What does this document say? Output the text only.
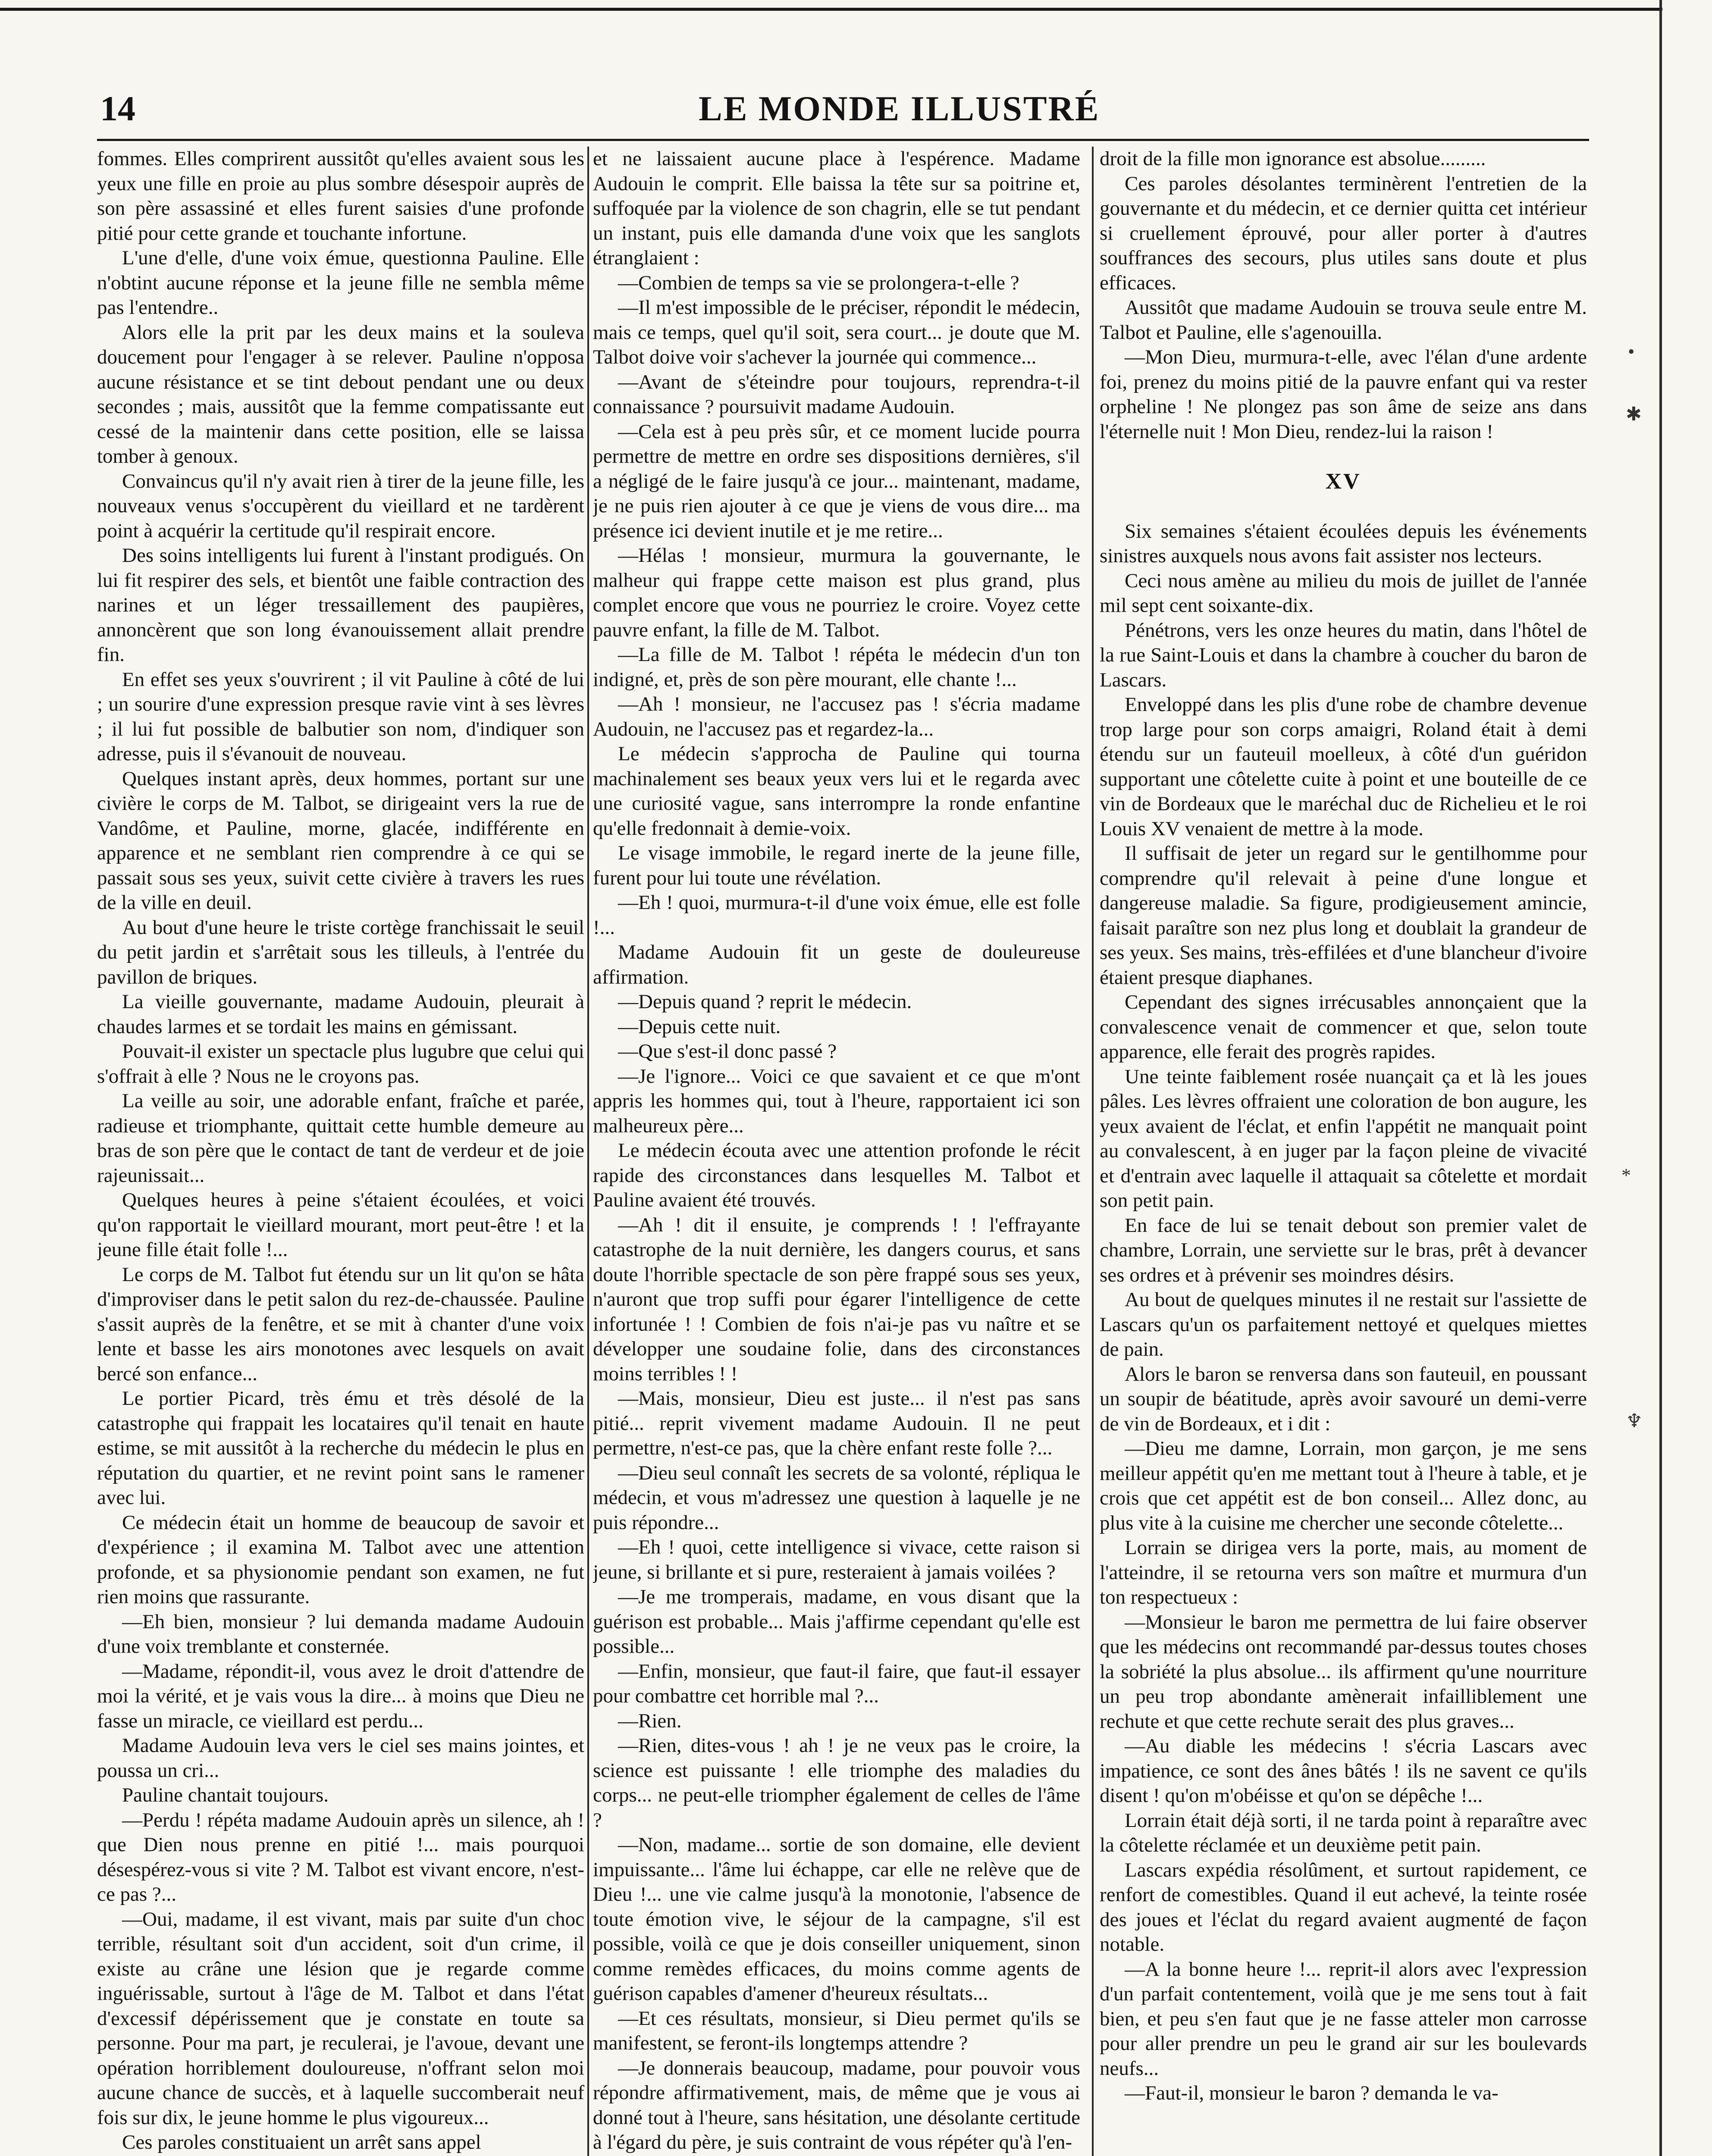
14	LE MONDE ILLUSTRÉ

fommes. Elles comprirent aussitôt qu'elles avaient sous les yeux une fille en proie au plus sombre désespoir auprès de son père assassiné et elles furent saisies d'une profonde pitié pour cette grande et touchante infortune.

L'une d'elle, d'une voix émue, questionna Pauline. Elle n'obtint aucune réponse et la jeune fille ne sembla même pas l'entendre..

Alors elle la prit par les deux mains et la souleva doucement pour l'engager à se relever. Pauline n'opposa aucune résistance et se tint debout pendant une ou deux secondes ; mais, aussitôt que la femme compatissante eut cessé de la maintenir dans cette position, elle se laissa tomber à genoux.

Convaincus qu'il n'y avait rien à tirer de la jeune fille, les nouveaux venus s'occupèrent du vieillard et ne tardèrent point à acquérir la certitude qu'il respirait encore.

Des soins intelligents lui furent à l'instant prodigués. On lui fit respirer des sels, et bientôt une faible contraction des narines et un léger tressaillement des paupières, annoncèrent que son long évanouissement allait prendre fin.

En effet ses yeux s'ouvrirent ; il vit Pauline à côté de lui ; un sourire d'une expression presque ravie vint à ses lèvres ; il lui fut possible de balbutier son nom, d'indiquer son adresse, puis il s'évanouit de nouveau.

Quelques instant après, deux hommes, portant sur une civière le corps de M. Talbot, se dirigeaint vers la rue de Vandôme, et Pauline, morne, glacée, indifférente en apparence et ne semblant rien comprendre à ce qui se passait sous ses yeux, suivit cette civière à travers les rues de la ville en deuil.

Au bout d'une heure le triste cortège franchissait le seuil du petit jardin et s'arrêtait sous les tilleuls, à l'entrée du pavillon de briques.

La vieille gouvernante, madame Audouin, pleurait à chaudes larmes et se tordait les mains en gémissant.

Pouvait-il exister un spectacle plus lugubre que celui qui s'offrait à elle ? Nous ne le croyons pas.

La veille au soir, une adorable enfant, fraîche et parée, radieuse et triomphante, quittait cette humble demeure au bras de son père que le contact de tant de verdeur et de joie rajeunissait...

Quelques heures à peine s'étaient écoulées, et voici qu'on rapportait le vieillard mourant, mort peut-être ! et la jeune fille était folle !...

Le corps de M. Talbot fut étendu sur un lit qu'on se hâta d'improviser dans le petit salon du rez-de-chaussée. Pauline s'assit auprès de la fenêtre, et se mit à chanter d'une voix lente et basse les airs monotones avec lesquels on avait bercé son enfance...

Le portier Picard, très ému et très désolé de la catastrophe qui frappait les locataires qu'il tenait en haute estime, se mit aussitôt à la recherche du médecin le plus en réputation du quartier, et ne revint point sans le ramener avec lui.

Ce médecin était un homme de beaucoup de savoir et d'expérience ; il examina M. Talbot avec une attention profonde, et sa physionomie pendant son examen, ne fut rien moins que rassurante.

—Eh bien, monsieur ? lui demanda madame Audouin d'une voix tremblante et consternée.

—Madame, répondit-il, vous avez le droit d'attendre de moi la vérité, et je vais vous la dire... à moins que Dieu ne fasse un miracle, ce vieillard est perdu...

Madame Audouin leva vers le ciel ses mains jointes, et poussa un cri...

Pauline chantait toujours.

—Perdu ! répéta madame Audouin après un silence, ah ! que Dien nous prenne en pitié !... mais pourquoi désespérez-vous si vite ? M. Talbot est vivant encore, n'est-ce pas ?...

—Oui, madame, il est vivant, mais par suite d'un choc terrible, résultant soit d'un accident, soit d'un crime, il existe au crâne une lésion que je regarde comme inguérissable, surtout à l'âge de M. Talbot et dans l'état d'excessif dépérissement que je constate en toute sa personne. Pour ma part, je reculerai, je l'avoue, devant une opération horriblement douloureuse, n'offrant selon moi aucune chance de succès, et à laquelle succomberait neuf fois sur dix, le jeune homme le plus vigoureux...

Ces paroles constituaient un arrêt sans appel

et ne laissaient aucune place à l'espérence. Madame Audouin le comprit. Elle baissa la tête sur sa poitrine et, suffoquée par la violence de son chagrin, elle se tut pendant un instant, puis elle damanda d'une voix que les sanglots étranglaient :

—Combien de temps sa vie se prolongera-t-elle ?

—Il m'est impossible de le préciser, répondit le médecin, mais ce temps, quel qu'il soit, sera court... je doute que M. Talbot doive voir s'achever la journée qui commence...

—Avant de s'éteindre pour toujours, reprendra-t-il connaissance ? poursuivit madame Audouin.

—Cela est à peu près sûr, et ce moment lucide pourra permettre de mettre en ordre ses dispositions dernières, s'il a négligé de le faire jusqu'à ce jour... maintenant, madame, je ne puis rien ajouter à ce que je viens de vous dire... ma présence ici devient inutile et je me retire...

—Hélas ! monsieur, murmura la gouvernante, le malheur qui frappe cette maison est plus grand, plus complet encore que vous ne pourriez le croire. Voyez cette pauvre enfant, la fille de M. Talbot.

—La fille de M. Talbot ! répéta le médecin d'un ton indigné, et, près de son père mourant, elle chante !...

—Ah ! monsieur, ne l'accusez pas ! s'écria madame Audouin, ne l'accusez pas et regardez-la...

Le médecin s'approcha de Pauline qui tourna machinalement ses beaux yeux vers lui et le regarda avec une curiosité vague, sans interrompre la ronde enfantine qu'elle fredonnait à demie-voix.

Le visage immobile, le regard inerte de la jeune fille, furent pour lui toute une révélation.

—Eh ! quoi, murmura-t-il d'une voix émue, elle est folle !...

Madame Audouin fit un geste de douleureuse affirmation.

—Depuis quand ? reprit le médecin.

—Depuis cette nuit.

—Que s'est-il donc passé ?

—Je l'ignore... Voici ce que savaient et ce que m'ont appris les hommes qui, tout à l'heure, rapportaient ici son malheureux père...

Le médecin écouta avec une attention profonde le récit rapide des circonstances dans lesquelles M. Talbot et Pauline avaient été trouvés.

—Ah ! dit il ensuite, je comprends ! ! l'effrayante catastrophe de la nuit dernière, les dangers courus, et sans doute l'horrible spectacle de son père frappé sous ses yeux, n'auront que trop suffi pour égarer l'intelligence de cette infortunée ! ! Combien de fois n'ai-je pas vu naître et se développer une soudaine folie, dans des circonstances moins terribles ! !

—Mais, monsieur, Dieu est juste... il n'est pas sans pitié... reprit vivement madame Audouin. Il ne peut permettre, n'est-ce pas, que la chère enfant reste folle ?...

—Dieu seul connaît les secrets de sa volonté, répliqua le médecin, et vous m'adressez une question à laquelle je ne puis répondre...

—Eh ! quoi, cette intelligence si vivace, cette raison si jeune, si brillante et si pure, resteraient à jamais voilées ?

—Je me tromperais, madame, en vous disant que la guérison est probable... Mais j'affirme cependant qu'elle est possible...

—Enfin, monsieur, que faut-il faire, que faut-il essayer pour combattre cet horrible mal ?...

—Rien.

—Rien, dites-vous ! ah ! je ne veux pas le croire, la science est puissante ! elle triomphe des maladies du corps... ne peut-elle triompher également de celles de l'âme ?

—Non, madame... sortie de son domaine, elle devient impuissante... l'âme lui échappe, car elle ne relève que de Dieu !... une vie calme jusqu'à la monotonie, l'absence de toute émotion vive, le séjour de la campagne, s'il est possible, voilà ce que je dois conseiller uniquement, sinon comme remèdes efficaces, du moins comme agents de guérison capables d'amener d'heureux résultats...

—Et ces résultats, monsieur, si Dieu permet qu'ils se manifestent, se feront-ils longtemps attendre ?

—Je donnerais beaucoup, madame, pour pouvoir vous répondre affirmativement, mais, de même que je vous ai donné tout à l'heure, sans hésitation, une désolante certitude à l'égard du père, je suis contraint de vous répéter qu'à l'en-

droit de la fille mon ignorance est absolue.........

Ces paroles désolantes terminèrent l'entretien de la gouvernante et du médecin, et ce dernier quitta cet intérieur si cruellement éprouvé, pour aller porter à d'autres souffrances des secours, plus utiles sans doute et plus efficaces.

Aussitôt que madame Audouin se trouva seule entre M. Talbot et Pauline, elle s'agenouilla.

—Mon Dieu, murmura-t-elle, avec l'élan d'une ardente foi, prenez du moins pitié de la pauvre enfant qui va rester orpheline ! Ne plongez pas son âme de seize ans dans l'éternelle nuit ! Mon Dieu, rendez-lui la raison !

XV

Six semaines s'étaient écoulées depuis les événements sinistres auxquels nous avons fait assister nos lecteurs.

Ceci nous amène au milieu du mois de juillet de l'année mil sept cent soixante-dix.

Pénétrons, vers les onze heures du matin, dans l'hôtel de la rue Saint-Louis et dans la chambre à coucher du baron de Lascars.

Enveloppé dans les plis d'une robe de chambre devenue trop large pour son corps amaigri, Roland était à demi étendu sur un fauteuil moelleux, à côté d'un guéridon supportant une côtelette cuite à point et une bouteille de ce vin de Bordeaux que le maréchal duc de Richelieu et le roi Louis XV venaient de mettre à la mode.

Il suffisait de jeter un regard sur le gentilhomme pour comprendre qu'il relevait à peine d'une longue et dangereuse maladie. Sa figure, prodigieusement amincie, faisait paraître son nez plus long et doublait la grandeur de ses yeux. Ses mains, très-effilées et d'une blancheur d'ivoire étaient presque diaphanes.

Cependant des signes irrécusables annonçaient que la convalescence venait de commencer et que, selon toute apparence, elle ferait des progrès rapides.

Une teinte faiblement rosée nuançait ça et là les joues pâles. Les lèvres offraient une coloration de bon augure, les yeux avaient de l'éclat, et enfin l'appétit ne manquait point au convalescent, à en juger par la façon pleine de vivacité et d'entrain avec laquelle il attaquait sa côtelette et mordait son petit pain.

En face de lui se tenait debout son premier valet de chambre, Lorrain, une serviette sur le bras, prêt à devancer ses ordres et à prévenir ses moindres désirs.

Au bout de quelques minutes il ne restait sur l'assiette de Lascars qu'un os parfaitement nettoyé et quelques miettes de pain.

Alors le baron se renversa dans son fauteuil, en poussant un soupir de béatitude, après avoir savouré un demi-verre de vin de Bordeaux, et i dit :

—Dieu me damne, Lorrain, mon garçon, je me sens meilleur appétit qu'en me mettant tout à l'heure à table, et je crois que cet appétit est de bon conseil... Allez donc, au plus vite à la cuisine me chercher une seconde côtelette...

Lorrain se dirigea vers la porte, mais, au moment de l'atteindre, il se retourna vers son maître et murmura d'un ton respectueux :

—Monsieur le baron me permettra de lui faire observer que les médecins ont recommandé par-dessus toutes choses la sobriété la plus absolue... ils affirment qu'une nourriture un peu trop abondante amènerait infailliblement une rechute et que cette rechute serait des plus graves...

—Au diable les médecins ! s'écria Lascars avec impatience, ce sont des ânes bâtés ! ils ne savent ce qu'ils disent ! qu'on m'obéisse et qu'on se dépêche !...

Lorrain était déjà sorti, il ne tarda point à reparaître avec la côtelette réclamée et un deuxième petit pain.

Lascars expédia résolûment, et surtout rapidement, ce renfort de comestibles. Quand il eut achevé, la teinte rosée des joues et l'éclat du regard avaient augmenté de façon notable.

—A la bonne heure !... reprit-il alors avec l'expression d'un parfait contentement, voilà que je me sens tout à fait bien, et peu s'en faut que je ne fasse atteler mon carrosse pour aller prendre un peu le grand air sur les boulevards neufs...

—Faut-il, monsieur le baron ? demanda le va-

•
✱
*
♆
